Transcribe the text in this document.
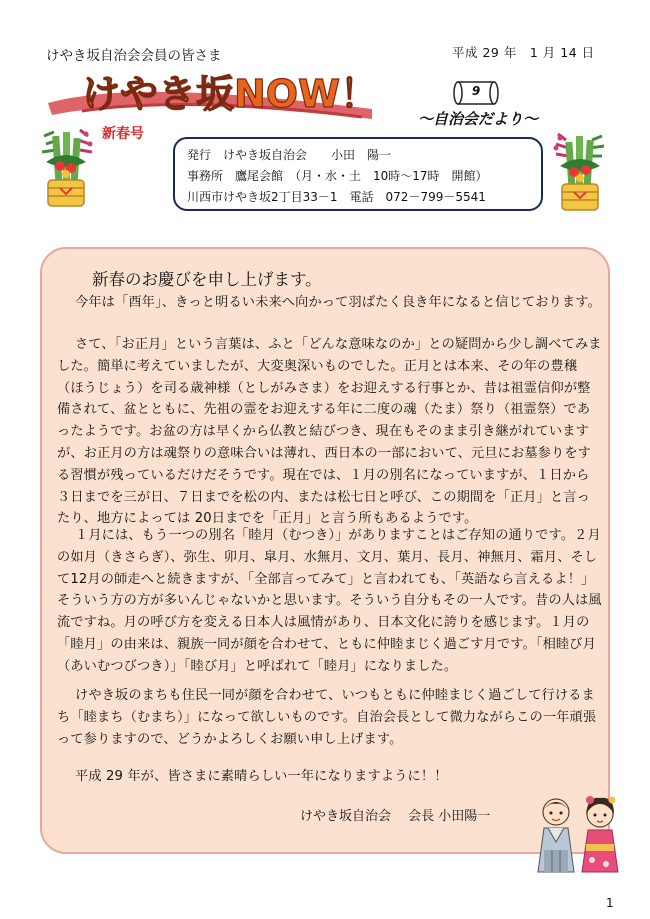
けやき坂自治会会員の皆さま	平成 29 年　1 月 14 日
けやき坂NOW！	9
～自治会だより～
新春号
発行　けやき坂自治会　　小田　陽一
事務所　鷹尾会館　（月・水・土　10時～17時　開館）
川西市けやき坂2丁目33－1　電話　072－799－5541
新春のお慶びを申し上げます。
今年は「酉年」、きっと明るい未来へ向かって羽ばたく良き年になると信じております。
さて、「お正月」という言葉は、ふと「どんな意味なのか」との疑問から少し調べてみました。簡単に考えていましたが、大変奥深いものでした。正月とは本来、その年の豊穣（ほうじょう）を司る歳神様（としがみさま）をお迎えする行事とか、昔は祖霊信仰が整備されて、盆とともに、先祖の霊をお迎えする年に二度の魂（たま）祭り（祖霊祭）であったようです。お盆の方は早くから仏教と結びつき、現在もそのまま引き継がれていますが、お正月の方は魂祭りの意味合いは薄れ、西日本の一部において、元旦にお墓参りをする習慣が残っているだけだそうです。現在では、１月の別名になっていますが、１日から３日までを三が日、７日までを松の内、または松七日と呼び、この期間を「正月」と言ったり、地方によっては 20日までを「正月」と言う所もあるようです。
１月には、もう一つの別名「睦月（むつき）」がありますことはご存知の通りです。２月の如月（きさらぎ）、弥生、卯月、皐月、水無月、文月、葉月、長月、神無月、霜月、そして12月の師走へと続きますが、「全部言ってみて」と言われても、「英語なら言えるよ！」そういう方の方が多いんじゃないかと思います。そういう自分もその一人です。昔の人は風流ですね。月の呼び方を変える日本人は風情があり、日本文化に誇りを感じます。１月の「睦月」の由来は、親族一同が顔を合わせて、ともに仲睦まじく過ごす月です。「相睦び月（あいむつびつき）」「睦び月」と呼ばれて「睦月」になりました。
けやき坂のまちも住民一同が顔を合わせて、いつもともに仲睦まじく過ごして行けるまち「睦まち（むまち）」になって欲しいものです。自治会長として微力ながらこの一年頑張って参りますので、どうかよろしくお願い申し上げます。
平成 29 年が、皆さまに素晴らしい一年になりますように！！
けやき坂自治会　 会長 小田陽一
1
